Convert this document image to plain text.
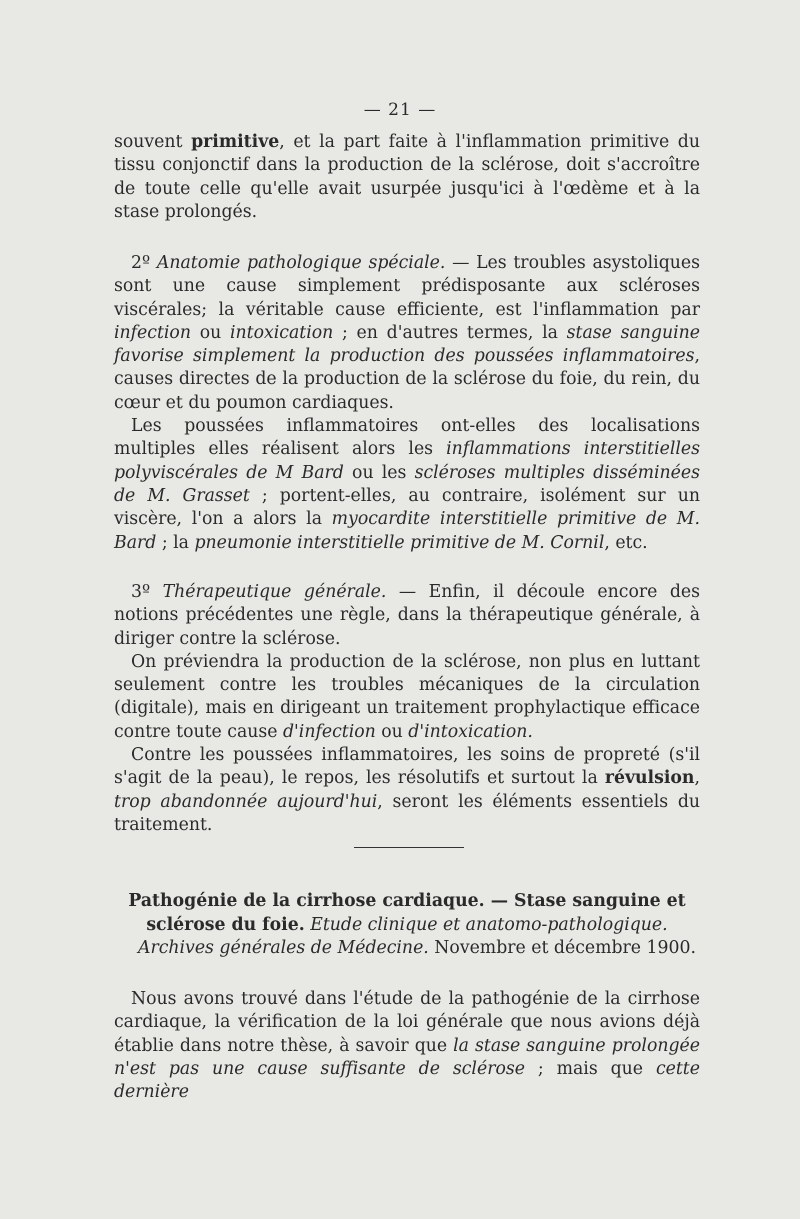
— 21 —

souvent primitive, et la part faite à l'inflammation primitive du tissu conjonctif dans la production de la sclérose, doit s'accroître de toute celle qu'elle avait usurpée jusqu'ici à l'œdème et à la stase prolongés.

2º Anatomie pathologique spéciale. — Les troubles asystoliques sont une cause simplement prédisposante aux scléroses viscérales; la véritable cause efficiente, est l'inflammation par infection ou intoxication ; en d'autres termes, la stase sanguine favorise simplement la production des poussées inflammatoires, causes directes de la production de la sclérose du foie, du rein, du cœur et du poumon cardiaques.

Les poussées inflammatoires ont-elles des localisations multiples elles réalisent alors les inflammations interstitielles polyviscérales de M Bard ou les scléroses multiples disséminées de M. Grasset ; portent-elles, au contraire, isolément sur un viscère, l'on a alors la myocardite interstitielle primitive de M. Bard ; la pneumonie interstitielle primitive de M. Cornil, etc.

3º Thérapeutique générale. — Enfin, il découle encore des notions précédentes une règle, dans la thérapeutique générale, à diriger contre la sclérose.

On préviendra la production de la sclérose, non plus en luttant seulement contre les troubles mécaniques de la circulation (digitale), mais en dirigeant un traitement prophylactique efficace contre toute cause d'infection ou d'intoxication.

Contre les poussées inflammatoires, les soins de propreté (s'il s'agit de la peau), le repos, les résolutifs et surtout la révulsion, trop abandonnée aujourd'hui, seront les éléments essentiels du traitement.

Pathogénie de la cirrhose cardiaque. — Stase sanguine et sclérose du foie. Etude clinique et anatomo-pathologique.

Archives générales de Médecine. Novembre et décembre 1900.

Nous avons trouvé dans l'étude de la pathogénie de la cirrhose cardiaque, la vérification de la loi générale que nous avions déjà établie dans notre thèse, à savoir que la stase sanguine prolongée n'est pas une cause suffisante de sclérose ; mais que cette dernière
